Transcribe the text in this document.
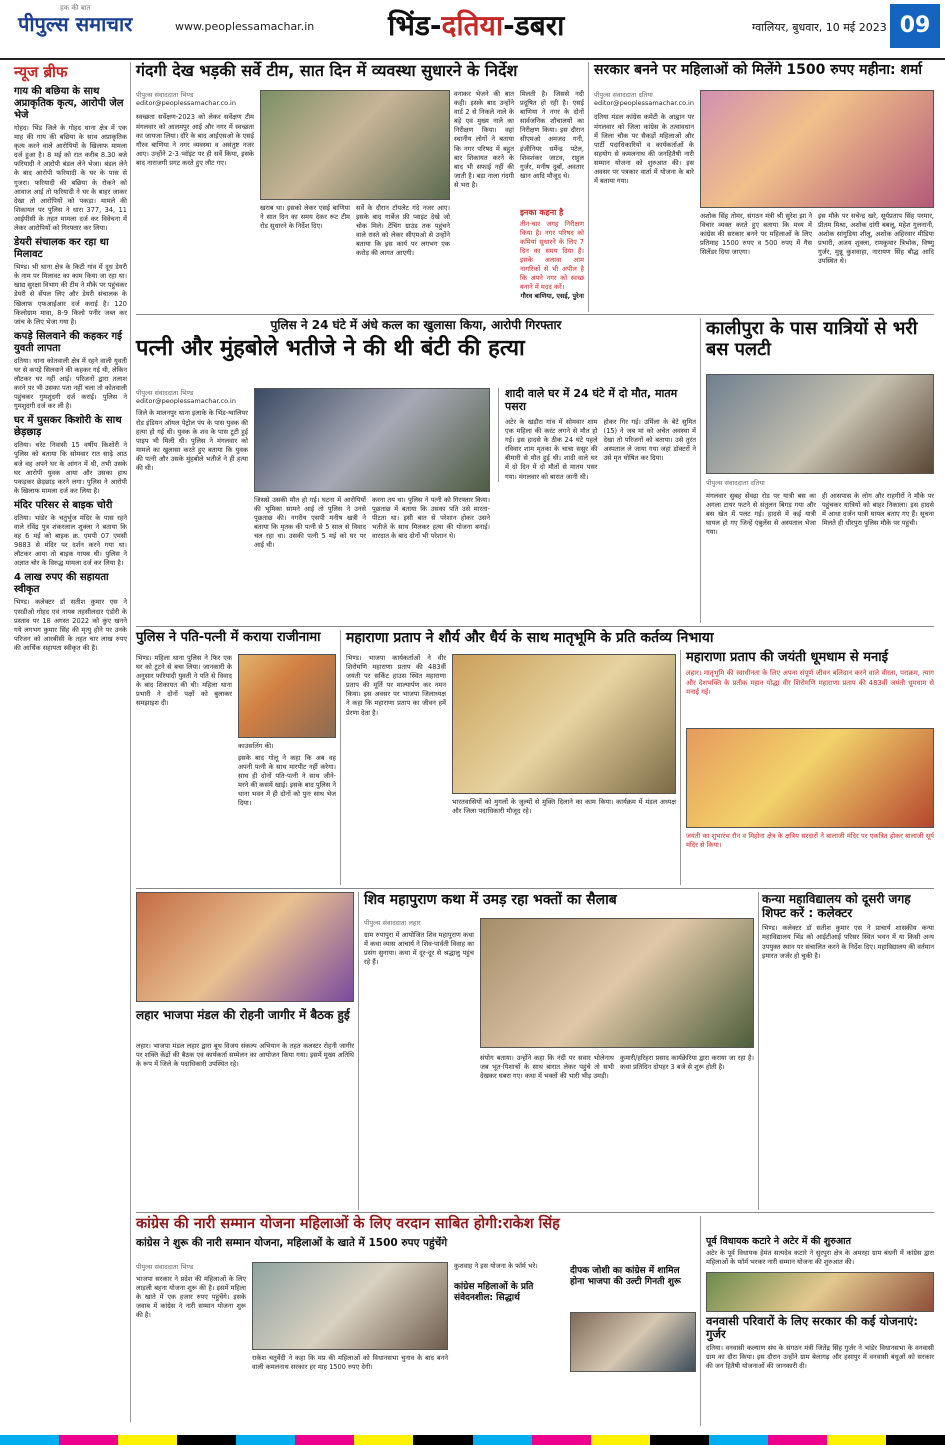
पीपुल्स समाचार
हक की बात
www.peoplessamachar.in	भिंड-दतिया-डबरा	ग्वालियर, बुधवार, 10 मई 2023 09
न्यूज ब्रीफ
गाय की बछिया के साथ अप्राकृतिक कृत्य, आरोपी जेल भेजे
गोहद। भिंड जिले के गोहद थाना क्षेत्र में एक माह की गाय की बछिया के साथ अप्राकृतिक कृत्य करने वाले आरोपियों के खिलाफ मामला दर्ज हुआ है। 8 मई को रात करीब 8.30 बजे फरियादी ने आरोपी बंडल लेने भेजा। बंडल लेने के बाद आरोपी फरियादी के घर के पास से गुजरा। फरियादी की बछिया के रोकने को आवाज आई तो फरियादी ने घर के बाहर जाकर देखा तो आरोपियों को पकड़ा। मामले की शिकायत पर पुलिस ने धारा 377, 34, 11 आईपीसी के तहत मामला दर्ज कर विवेचना में लेकर आरोपियों को गिरफ्तार कर लिया।
डेयरी संचालक कर रहा था मिलावट
भिण्ड। भी थाना क्षेत्र के किटी गांव में दूध डेयरी के नाम पर मिलावट का काम किया जा रहा था। खाद्य सुरक्षा विभाग की टीम ने मौके पर पहुंचकर डेयरी से सेंपल लिए और डेयरी संचालक के खिलाफ एफआईआर दर्ज कराई है। 120 किलोग्राम मावा, 8-9 किलो पनीर जब्त कर जांच के लिए भेजा गया है।
कपड़े सिलवाने की कहकर गई युवती लापता
दतिया। थाना कोतवाली क्षेत्र में रहने वाली युवती घर से कपड़े सिलवाने की कहकर गई थी, लेकिन लौटकर घर नहीं आई। परिजनों द्वारा तलाश करने पर भी उसका पता नहीं चला तो कोतवाली पहुंचकर गुमशुदगी दर्ज कराई। पुलिस ने गुमशुदगी दर्ज कर ली है।
घर में घुसकर किशोरी के साथ छेड़छाड़
दतिया। थरेट निवासी 15 वर्षीय किशोरी ने पुलिस को बताया कि सोमवार रात साढ़े आठ बजे वह अपने घर के आंगन में थी, तभी उसके घर आरोपी युवक आया और उसका हाथ पकड़कर छेड़छाड़ करने लगा। पुलिस ने आरोपी के खिलाफ मामला दर्ज कर लिया है।
मंदिर परिसर से बाइक चोरी
दतिया। भांडेर के चतुर्भुज मंदिर के पास रहने वाले रविंद्र पुत्र शंकरलाल शुक्ला ने बताया कि वह 6 मई को बाइक क्र. एमपी 07 एमसी 9883 से मंदिर पर दर्शन करने गया था। लौटकर आया तो बाइक गायब थी। पुलिस ने अज्ञात चोर के विरुद्ध मामला दर्ज कर लिया है।
4 लाख रुपए की सहायता स्वीकृत
भिण्ड। कलेक्टर डॉ सतीश कुमार एस ने एसडीओ गोहद एवं नायब तहसीलदार एंडोरी के प्रस्ताव पर 18 अगस्त 2022 को कुंए खनने गये लगभग कुमार सिंह की मृत्यु होने पर उनके परिजन को आरबीसी के तहत चार लाख रुपए की आर्थिक सहायता स्वीकृत की है।
गंदगी देख भड़की सर्वे टीम, सात दिन में व्यवस्था सुधारने के निर्देश
पीपुल्स संवाददाता भिण्ड
editor@peoplessamachar.co.in
स्वच्छता सर्वेक्षण-2023 को लेकर सर्वेक्षण टीम मंगलवार को आलमपुर आई और नगर में स्वच्छता का जायजा लिया। दौरे के बाद आईएसओ के एसई गौरव बाणिया ने नगर व्यवस्था व असंतुष्ट नजर आए। उन्होंने 2-3 प्वॉइंट पर ही सर्वे किया, इसके बाद नाराजगी प्रगट करते हुए लौट गए।
खराब था। इसको लेकर एसई बाणिया ने सात दिन का समय देकर रूट टीम रोड सुधारने के निर्देश दिए।
सर्वे के दौरान टॉयलेट गंदे नजर आए। इसके बाद गार्बेज फ्री प्वाइंट देखे जो चोक मिले। टेंचिंग ग्राउंड तक पहुंचने वाले रास्ते को लेकर सीएमओ से उन्होंने बताया कि इस कार्य पर लगभग एक करोड़ की लागत आएगी।
वनाकर भेजने की बात कही। इसके बाद उन्होंने वार्ड 2 से निकले नाले के बड़े एवं मुख्य नाले का निरीक्षण किया। वहां स्थानीय लोगों ने बताया कि नगर परिषद में बहुत बार शिकायत करने के बाद भी सफाई नहीं की जाती है। बड़ा नाला गंदगी से भरा है।
मिलती है। जिससे नदी प्रदूषित हो रही है। एसई बाणिया ने नगर के दोनों सार्वजनिक शौचालयों का निरीक्षण किया। इस दौरान सीएमओ अमजद गनी, इंजीनियर धर्मेन्द्र पटेल, शिवशंकर जाटव, राहुल गुर्जर, मनीष दुबाँ, अवतार खान आदि मौजूद थे।
इनका कहना है
तीन-चार जगह निरीक्षण किया है। नगर परिषद को कमियां सुधारने के लिए 7 दिन का समय दिया है। इसके अलावा आम नागरिकों से भी अपील है कि अपने नगर को स्वच्छ बनाने में मदद करें।
गौरव बाणिया, एसई, पुरेना
सरकार बनने पर महिलाओं को मिलेंगे 1500 रुपए महीना: शर्मा
पीपुल्स संवाददाता दतिया
editor@peoplessamachar.co.in
दतिया मंडल कांग्रेस कमेटी के आह्वान पर मंगलवार को जिला कांग्रेस के तत्वावधान में जिला चौक पर सैकड़ों महिलाओं और पार्टी पदाधिकारियों व कार्यकर्ताओं के सहयोग से कमलनाथ की जनहितैषी नारी सम्मान योजना को शुरुआत की। इस अवसर पर पत्रकार वार्ता में योजना के बारे में बताया गया।
अशोक सिंह तोमर, संगठन मंत्री श्री सुरेश झा ने विचार व्यक्त करते हुए बताया कि मध्य में कांग्रेस की सरकार बनने पर महिलाओं के लिए प्रतिमाह 1500 रुपए व 500 रुपए में गैस सिलेंडर दिया जाएगा।
इस मौके पर सचेन्द्र खरे, सूर्यप्रताप सिंह परमार, प्रीतम मिश्रा, अशोक दांगी बबलू, महेश गुलनानी, अशोक सांगुडिया शीलू, अशोक अहिरवार मीडिया प्रभारी, अजय शुक्ला, रामकुमार त्रिभोक, विष्णु गुर्जर, मुन्नू कुशवाहा, नारायण सिंह बौद्ध आदि उपस्थित थे।
पुलिस ने 24 घंटे में अंधे कत्ल का खुलासा किया, आरोपी गिरफ्तार
पत्नी और मुंहबोले भतीजे ने की थी बंटी की हत्या
पीपुल्स संवाददाता भिण्ड
editor@peoplessamachar.co.in
जिले के मालनपुर थाना इलाके के भिंड-ग्वालियर रोड इंडियन ऑयल पेट्रोल पंप के पास युवक की हत्या हो गई थी। युवक के शव के पास टूटी हुई पाइप भी मिली थी। पुलिस ने मंगलवार को मामले का खुलासा करते हुए बताया कि युवक की पत्नी और उसके मुंहबोले भतीजे ने ही हत्या की थी।
जिससे उसकी मौत हो गई। घटना में आरोपियों की भूमिका सामने आई तो पुलिस ने उनसे पूछताछ की। नगरीय एसपी मनीष खत्री ने बताया कि मृतक की पत्नी से 5 साल से विवाद चल रहा था। उसकी पत्नी 5 मई को घर पर आई थी।
करना तय था। पुलिस ने पत्नी को गिरफ्तार किया। पूछताछ में बताया कि उसका पति उसे मारता-पीटता था। इसी बात से परेशान होकर उसने भतीजे के साथ मिलकर हत्या की योजना बनाई। वारदात के बाद दोनों भी परेशान थे।
शादी वाले घर में 24 घंटे में दो मौत, मातम पसरा
अटेर के खड़ौरा गांव में सोमवार शाम एक महिला की करंट लगने से मौत हो गई। इस हादसे के ठीक 24 घंटे पहले रविवार शाम मृतका के चाचा ससुर की बीमारी से मौत हुई थी। शादी वाले घर में दो दिन में दो मौतों से मातम पसर गया। मंगलवार को बारात जानी थी।
होकर गिर गई। उर्मिला के बेटे सुमित (15) ने जब मां को अचेत अवस्था में देखा तो परिजनों को बताया। उसे तुरंत अस्पताल ले जाया गया जहां डॉक्टरों ने उसे मृत घोषित कर दिया।
कालीपुरा के पास यात्रियों से भरी बस पलटी
पीपुल्स संवाददाता दतिया
मंगलवार सुबह सेंवढ़ा रोड पर यात्री बस का अगला टायर फटने से संतुलन बिगड़ गया और बस खेत में पलट गई। हादसे में कई यात्री घायल हो गए जिन्हें एंबुलेंस से अस्पताल भेजा गया।
ही आसपास के लोग और राहगीरों ने मौके पर पहुंचकर यात्रियों को बाहर निकाला। इस हादसे में आधा दर्जन यात्री घायल बताए गए हैं। सूचना मिलते ही धीरपुरा पुलिस मौके पर पहुंची।
पुलिस ने पति-पत्नी में कराया राजीनामा
भिण्ड। महिला थाना पुलिस ने फिर एक घर को टूटने से बचा लिया। जानकारी के अनुसार फरियादी युवती ने पति से विवाद के बाद शिकायत की थी। महिला थाना प्रभारी ने दोनों पक्षों को बुलाकर समझाइश दी।
काउंसलिंग की।
इसके बाद गोलू ने कहा कि अब वह अपनी पत्नी के साथ मारपीट नहीं करेगा। साथ ही दोनों पति-पत्नी ने साथ जीने-मरने की कसमें खाई। इसके बाद पुलिस ने थाना भवन में ही दोनों को पुनः साथ भेज दिया।
महाराणा प्रताप ने शौर्य और धैर्य के साथ मातृभूमि के प्रति कर्तव्य निभाया
भिण्ड। भाजपा कार्यकर्ताओं ने वीर शिरोमणि महाराणा प्रताप की 483वीं जयंती पर सर्किट हाउस स्थित महाराणा प्रताप की मूर्ति पर माल्यार्पण कर नमन किया। इस अवसर पर भाजपा जिलाध्यक्ष ने कहा कि महाराणा प्रताप का जीवन हमें प्रेरणा देता है।
भारतवासियों को मुगलों के जुल्मों से मुक्ति दिलाने का काम किया। कार्यक्रम में मंडल अध्यक्ष और जिला पदाधिकारी मौजूद रहे।
महाराणा प्रताप की जयंती धूमधाम से मनाई
लहार। मातृभूमि की स्वाधीनता के लिए अपना संपूर्ण जीवन बलिदान करने वाले वीरता, पराक्रम, त्याग और देशभक्ति के प्रतीक महान योद्धा वीर शिरोमणि महाराणा प्रताप की 483वीं जयंती धूमधाम से मनाई गई।
जयंती का शुभारंभ रौन व मिहोना क्षेत्र के क्षत्रिय सरदारों ने बालाजी मंदिर पर एकत्रित होकर बालाजी सूर्य मंदिर से किया।
लहार भाजपा मंडल की रोहनी जागीर में बैठक हुई
लहार। भाजपा मंडल लहार द्वारा बूथ विजय संकल्प अभियान के तहत कलस्टर रोहनी जागीर पर शक्ति केंद्रों की बैठक एवं कार्यकर्ता सम्मेलन का आयोजन किया गया। इसमें मुख्य अतिथि के रूप में जिले के पदाधिकारी उपस्थित रहे।
शिव महापुराण कथा में उमड़ रहा भक्तों का सैलाब
पीपुल्स संवाददाता लहार
ग्राम रुपापुरा में आयोजित शिव महापुराण कथा में कथा व्यास आचार्य ने शिव-पार्वती विवाह का प्रसंग सुनाया। कथा में दूर-दूर से श्रद्धालु पहुंच रहे हैं।
संयोग बताया। उन्होंने कहा कि नंदी पर सवार भोलेनाथ जब भूत-पिशाचों के साथ बारात लेकर पहुंचे तो सभी देखकर घबरा गए। कथा में भक्तों की भारी भीड़ उमड़ी।
कुमारी/हरिहरा प्रसाद कार्यक्रेरिया द्वारा कराया जा रहा है। कथा प्रतिदिन दोपहर 3 बजे से शुरू होती है।
कन्या महाविद्यालय को दूसरी जगह शिफ्ट करें : कलेक्टर
भिण्ड। कलेक्टर डॉ सतीश कुमार एस ने प्राचार्य शासकीय कन्या महाविद्यालय भिंड को आईटीआई परिसर स्थित भवन में या किसी अन्य उपयुक्त स्थान पर संचालित करने के निर्देश दिए। महाविद्यालय की वर्तमान इमारत जर्जर हो चुकी है।
कांग्रेस की नारी सम्मान योजना महिलाओं के लिए वरदान साबित होगी:राकेश सिंह
कांग्रेस ने शुरू की नारी सम्मान योजना, महिलाओं के खाते में 1500 रुपए पहुंचेंगे
पीपुल्स संवाददाता भिण्ड
भाजपा सरकार ने प्रदेश की महिलाओं के लिए लाड़ली बहना योजना शुरू की है। इसमें महिला के खाते में एक हजार रुपए पहुंचेंगे। इसके जवाब में कांग्रेस ने नारी सम्मान योजना शुरू की है।
राकेश चतुर्वेदी ने कहा कि मप्र की महिलाओं को विधानसभा चुनाव के बाद बनने वाली कमलनाथ सरकार हर माह 1500 रुपए देगी।
कुशवाह ने इस योजना के फॉर्म भरे।
कांग्रेस महिलाओं के प्रति संवेदनशील: सिद्धार्थ
दीपक जोशी का कांग्रेस में शामिल होना भाजपा की उल्टी गिनती शुरू
पूर्व विधायक कटारे ने अटेर में की शुरुआत
अटेर के पूर्व विधायक हेमंत सत्यदेव कटारे ने सुरपुरा क्षेत्र के अमरहा ग्राम बंधनी में कांग्रेस द्वारा महिलाओं के फॉर्म भरकर नारी सम्मान योजना की शुरुआत की।
वनवासी परिवारों के लिए सरकार की कई योजनाएं: गुर्जर
दतिया। वनवासी कल्याण संघ के संगठन मंत्री जितेंद्र सिंह गुर्जर ने भांडेर विधानसभा के वनवासी ग्राम का दौरा किया। इस दौरान उन्होंने ग्राम बेलागढ़ और हसापुर में वनवासी बंधुओं को सरकार की जन हितैषी योजनाओं की जानकारी दी।
